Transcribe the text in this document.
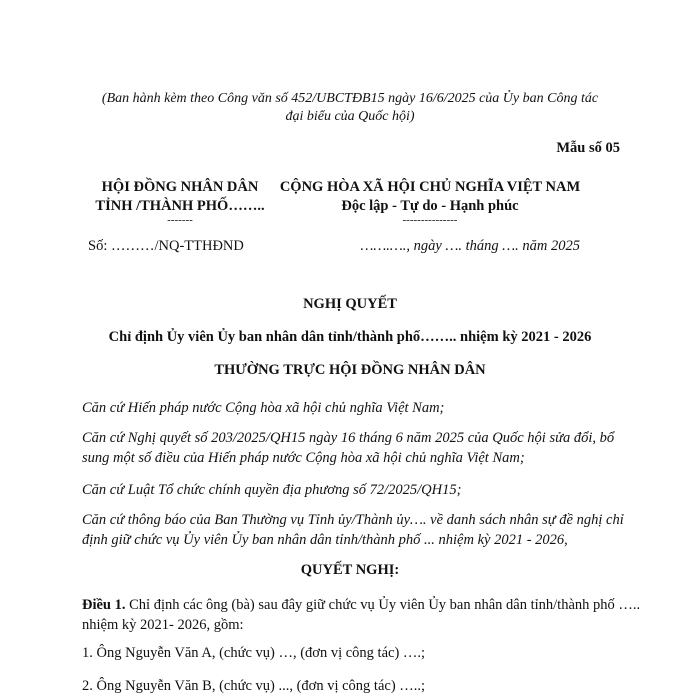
(Ban hành kèm theo Công văn số 452/UBCTĐB15 ngày 16/6/2025 của Ủy ban Công tác
đại biểu của Quốc hội)
Mẫu số 05
HỘI ĐỒNG NHÂN DÂN
TỈNH /THÀNH PHỐ……..
-------
CỘNG HÒA XÃ HỘI CHỦ NGHĨA VIỆT NAM
Độc lập - Tự do - Hạnh phúc
---------------
Số: ………/NQ-TTHĐND	…….…., ngày …. tháng …. năm 2025
NGHỊ QUYẾT
Chỉ định Ủy viên Ủy ban nhân dân tỉnh/thành phố…….. nhiệm kỳ 2021 - 2026
THƯỜNG TRỰC HỘI ĐỒNG NHÂN DÂN
Căn cứ Hiến pháp nước Cộng hòa xã hội chủ nghĩa Việt Nam;
Căn cứ Nghị quyết số 203/2025/QH15 ngày 16 tháng 6 năm 2025 của Quốc hội sửa đổi, bổ sung một số điều của Hiến pháp nước Cộng hòa xã hội chủ nghĩa Việt Nam;
Căn cứ Luật Tổ chức chính quyền địa phương số 72/2025/QH15;
Căn cứ thông báo của Ban Thường vụ Tỉnh ủy/Thành ủy…. về danh sách nhân sự đề nghị chỉ định giữ chức vụ Ủy viên Ủy ban nhân dân tỉnh/thành phố ... nhiệm kỳ 2021 - 2026,
QUYẾT NGHỊ:
Điều 1. Chỉ định các ông (bà) sau đây giữ chức vụ Ủy viên Ủy ban nhân dân tỉnh/thành phố ….. nhiệm kỳ 2021- 2026, gồm:
1. Ông Nguyễn Văn A, (chức vụ) …, (đơn vị công tác) ….;
2. Ông Nguyễn Văn B, (chức vụ) ..., (đơn vị công tác) …..;
